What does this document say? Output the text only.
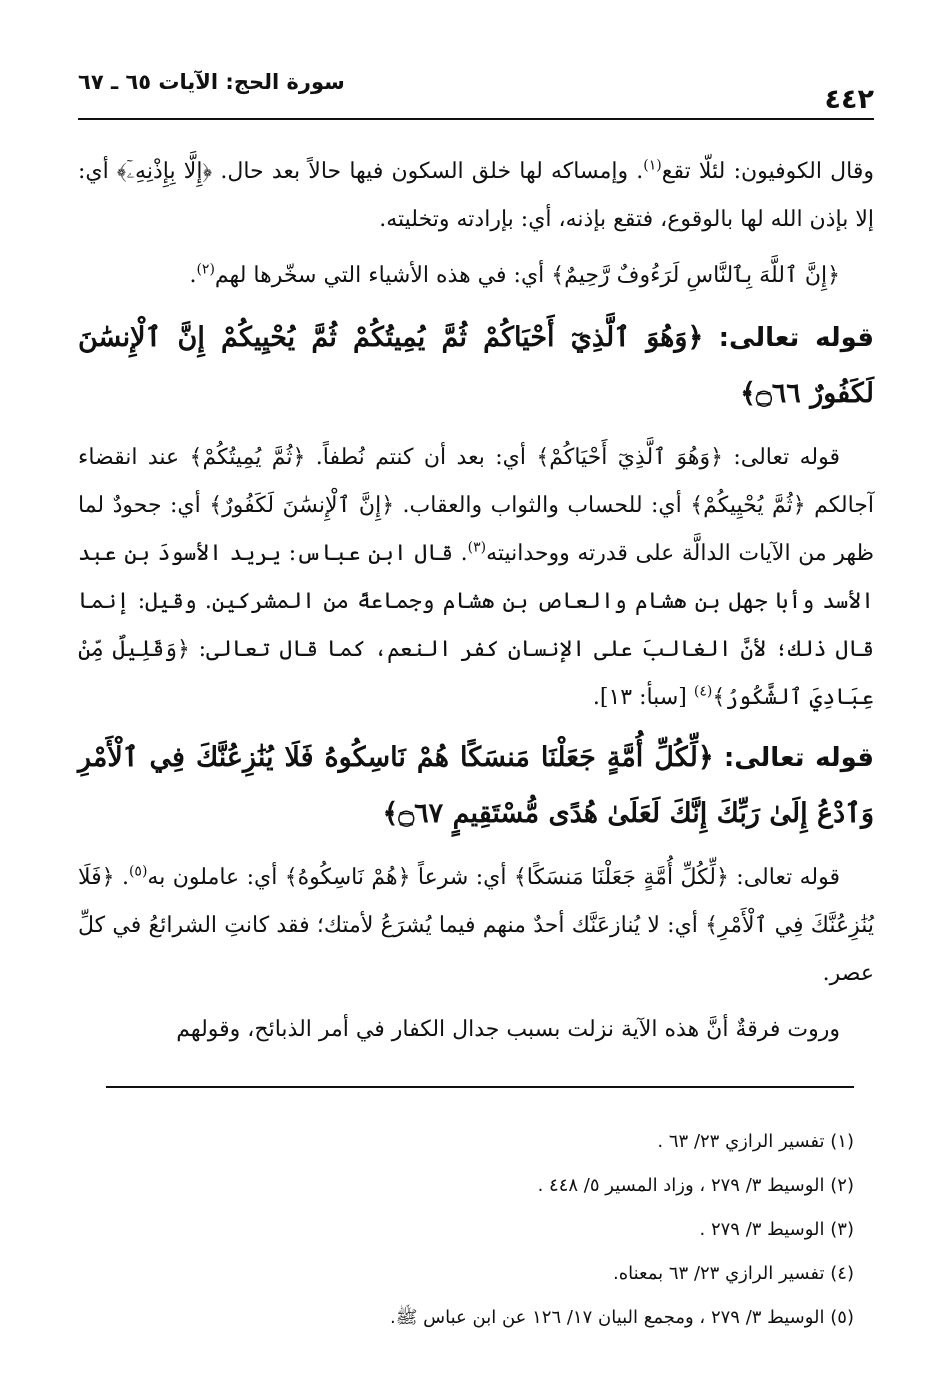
٤٤٢
سورة الحج: الآيات ٦٥ ـ ٦٧

وقال الكوفيون: لئلّا تقع$^{(١)}$. وإمساكه لها خلق السكون فيها حالاً بعد حال. ﴿إِلَّا بِإِذْنِهِۦٓ﴾ أي: إلا بإذن الله لها بالوقوع، فتقع بإذنه، أي: بإرادته وتخليته.

﴿إِنَّ ٱللَّهَ بِٱلنَّاسِ لَرَءُوفٌ رَّحِيمٌ﴾ أي: في هذه الأشياء التي سخّرها لهم$^{(٢)}$.

قوله تعالى: ﴿وَهُوَ ٱلَّذِيٓ أَحْيَاكُمْ ثُمَّ يُمِيتُكُمْ ثُمَّ يُحْيِيكُمْ إِنَّ ٱلْإِنسَٰنَ لَكَفُورٌ ۝٦٦﴾

قوله تعالى: ﴿وَهُوَ ٱلَّذِيٓ أَحْيَاكُمْ﴾ أي: بعد أن كنتم نُطفاً. ﴿ثُمَّ يُمِيتُكُمْ﴾ عند انقضاء آجالكم ﴿ثُمَّ يُحْيِيكُمْ﴾ أي: للحساب والثواب والعقاب. ﴿إِنَّ ٱلْإِنسَٰنَ لَكَفُورٌ﴾ أي: جحودٌ لما ظهر من الآيات الدالَّة على قدرته ووحدانيته$^{(٣)}$. قال ابن عباس: يريد الأسودَ بن عبد الأسد وأبا جهل بن هشام والعاص بن هشام وجماعةً من المشركين. وقيل: إنما قال ذلك؛ لأنَّ الغالبَ على الإنسان كفر النعم، كما قال تعالى: ﴿وَقَلِيلٌ مِّنْ عِبَادِيَ ٱلشَّكُورُ﴾$^{(٤)}$ [سبأ: ١٣].

قوله تعالى: ﴿لِّكُلِّ أُمَّةٍ جَعَلْنَا مَنسَكًا هُمْ نَاسِكُوهُ فَلَا يُنَٰزِعُنَّكَ فِي ٱلْأَمْرِ وَٱدْعُ إِلَىٰ رَبِّكَ إِنَّكَ لَعَلَىٰ هُدًى مُّسْتَقِيمٍ ۝٦٧﴾

قوله تعالى: ﴿لِّكُلِّ أُمَّةٍ جَعَلْنَا مَنسَكًا﴾ أي: شرعاً ﴿هُمْ نَاسِكُوهُ﴾ أي: عاملون به$^{(٥)}$. ﴿فَلَا يُنَٰزِعُنَّكَ فِي ٱلْأَمْرِ﴾ أي: لا يُنازعَنَّك أحدٌ منهم فيما يُشرَعُ لأمتك؛ فقد كانتِ الشرائعُ في كلِّ عصر.

وروت فرقةٌ أنَّ هذه الآية نزلت بسبب جدال الكفار في أمر الذبائح، وقولهم

(١) تفسير الرازي ٢٣/ ٦٣ .
(٢) الوسيط ٣/ ٢٧٩ ، وزاد المسير ٥/ ٤٤٨ .
(٣) الوسيط ٣/ ٢٧٩ .
(٤) تفسير الرازي ٢٣/ ٦٣ بمعناه.
(٥) الوسيط ٣/ ٢٧٩ ، ومجمع البيان ١٧/ ١٢٦ عن ابن عباس ﷺ.
